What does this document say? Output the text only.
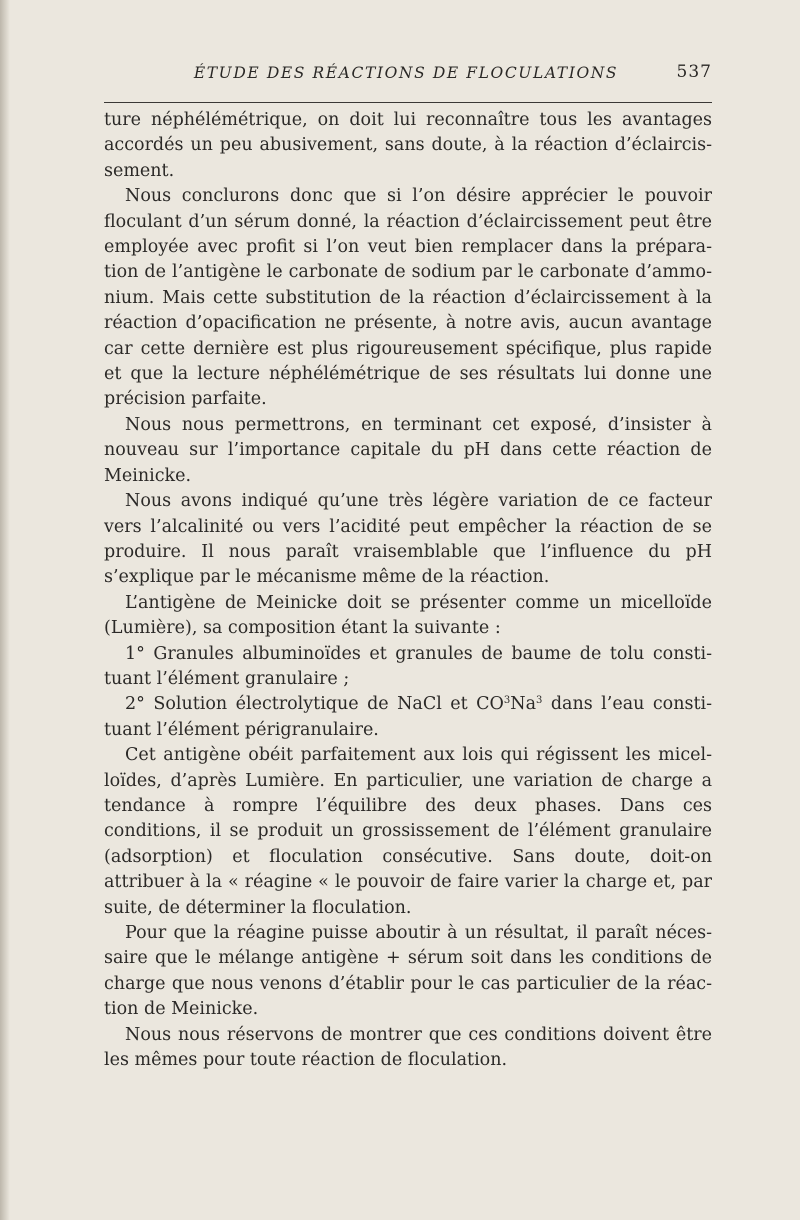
ÉTUDE DES RÉACTIONS DE FLOCULATIONS	537

ture néphélémétrique, on doit lui reconnaître tous les avantages accordés un peu abusivement, sans doute, à la réaction d’éclaircissement.

Nous conclurons donc que si l’on désire apprécier le pouvoir floculant d’un sérum donné, la réaction d’éclaircissement peut être employée avec profit si l’on veut bien remplacer dans la préparation de l’antigène le carbonate de sodium par le carbonate d’ammonium. Mais cette substitution de la réaction d’éclaircissement à la réaction d’opacification ne présente, à notre avis, aucun avantage car cette dernière est plus rigoureusement spécifique, plus rapide et que la lecture néphélémétrique de ses résultats lui donne une précision parfaite.

Nous nous permettrons, en terminant cet exposé, d’insister à nouveau sur l’importance capitale du pH dans cette réaction de Meinicke.

Nous avons indiqué qu’une très légère variation de ce facteur vers l’alcalinité ou vers l’acidité peut empêcher la réaction de se produire. Il nous paraît vraisemblable que l’influence du pH s’explique par le mécanisme même de la réaction.

L’antigène de Meinicke doit se présenter comme un micelloïde (Lumière), sa composition étant la suivante :

1° Granules albuminoïdes et granules de baume de tolu constituant l’élément granulaire ;

2° Solution électrolytique de NaCl et $CO^3Na^3$ dans l’eau constituant l’élément périgranulaire.

Cet antigène obéit parfaitement aux lois qui régissent les micelloïdes, d’après Lumière. En particulier, une variation de charge a tendance à rompre l’équilibre des deux phases. Dans ces conditions, il se produit un grossissement de l’élément granulaire (adsorption) et floculation consécutive. Sans doute, doit-on attribuer à la « réagine « le pouvoir de faire varier la charge et, par suite, de déterminer la floculation.

Pour que la réagine puisse aboutir à un résultat, il paraît nécessaire que le mélange antigène + sérum soit dans les conditions de charge que nous venons d’établir pour le cas particulier de la réaction de Meinicke.

Nous nous réservons de montrer que ces conditions doivent être les mêmes pour toute réaction de floculation.
